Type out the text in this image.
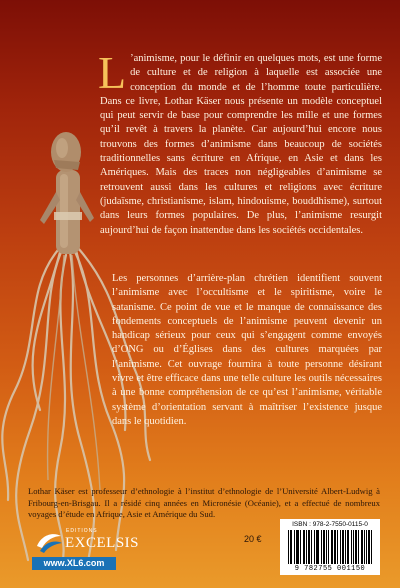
L ’animisme, pour le définir en quelques mots, est une forme de culture et de religion à laquelle est associée une conception du monde et de l’homme toute particulière. Dans ce livre, Lothar Käser nous présente un modèle conceptuel qui peut servir de base pour comprendre les mille et une formes qu’il revêt à travers la planète. Car aujourd’hui encore nous trouvons des formes d’animisme dans beaucoup de sociétés traditionnelles sans écriture en Afrique, en Asie et dans les Amériques. Mais des traces non négligeables d’animisme se retrouvent aussi dans les cultures et religions avec écriture (judaïsme, christianisme, islam, hindouisme, bouddhisme), surtout dans leurs formes populaires. De plus, l’animisme resurgit aujourd’hui de façon inattendue dans les sociétés occidentales.
Les personnes d’arrière-plan chrétien identifient souvent l’animisme avec l’occultisme et le spiritisme, voire le satanisme. Ce point de vue et le manque de connaissance des fondements conceptuels de l’animisme peuvent devenir un handicap sérieux pour ceux qui s’engagent comme envoyés d’ONG ou d’Églises dans des cultures marquées par l’animisme. Cet ouvrage fournira à toute personne désirant vivre et être efficace dans une telle culture les outils nécessaires à une bonne compréhension de ce qu’est l’animisme, véritable système d’orientation servant à maîtriser l’existence jusque dans le quotidien.
Lothar Käser est professeur d’ethnologie à l’institut d’ethnologie de l’Université Albert-Ludwig à Fribourg-en-Brisgau. Il a résidé cinq années en Micronésie (Océanie), et a effectué de nombreux voyages d’étude en Afrique, Asie et Amérique du Sud.
EDITIONS
EXCELSIS
www.XL6.com
20 €
ISBN : 978-2-7550-0115-0
9 782755 001150
